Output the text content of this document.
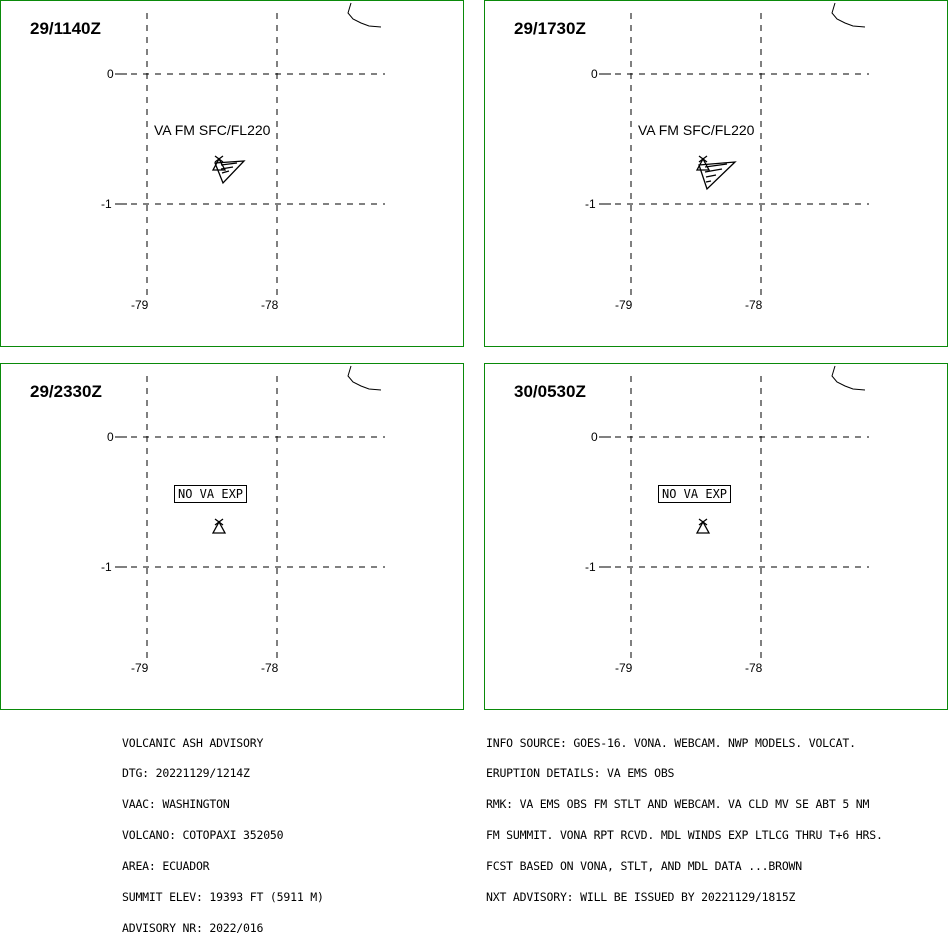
29/1140Z
0
-1
-79	-78
VA FM SFC/FL220
29/1730Z
0
-1
-79	-78
VA FM SFC/FL220
29/2330Z
0
-1
-79	-78
NO VA EXP
30/0530Z
0
-1
-79	-78
NO VA EXP

VOLCANIC ASH ADVISORY

DTG: 20221129/1214Z

VAAC: WASHINGTON

VOLCANO: COTOPAXI 352050

AREA: ECUADOR

SUMMIT ELEV: 19393 FT (5911 M)

ADVISORY NR: 2022/016

INFO SOURCE: GOES-16. VONA. WEBCAM. NWP MODELS. VOLCAT.

ERUPTION DETAILS: VA EMS OBS

RMK: VA EMS OBS FM STLT AND WEBCAM. VA CLD MV SE ABT 5 NM

FM SUMMIT. VONA RPT RCVD. MDL WINDS EXP LTLCG THRU T+6 HRS.

FCST BASED ON VONA, STLT, AND MDL DATA ...BROWN

NXT ADVISORY: WILL BE ISSUED BY 20221129/1815Z
